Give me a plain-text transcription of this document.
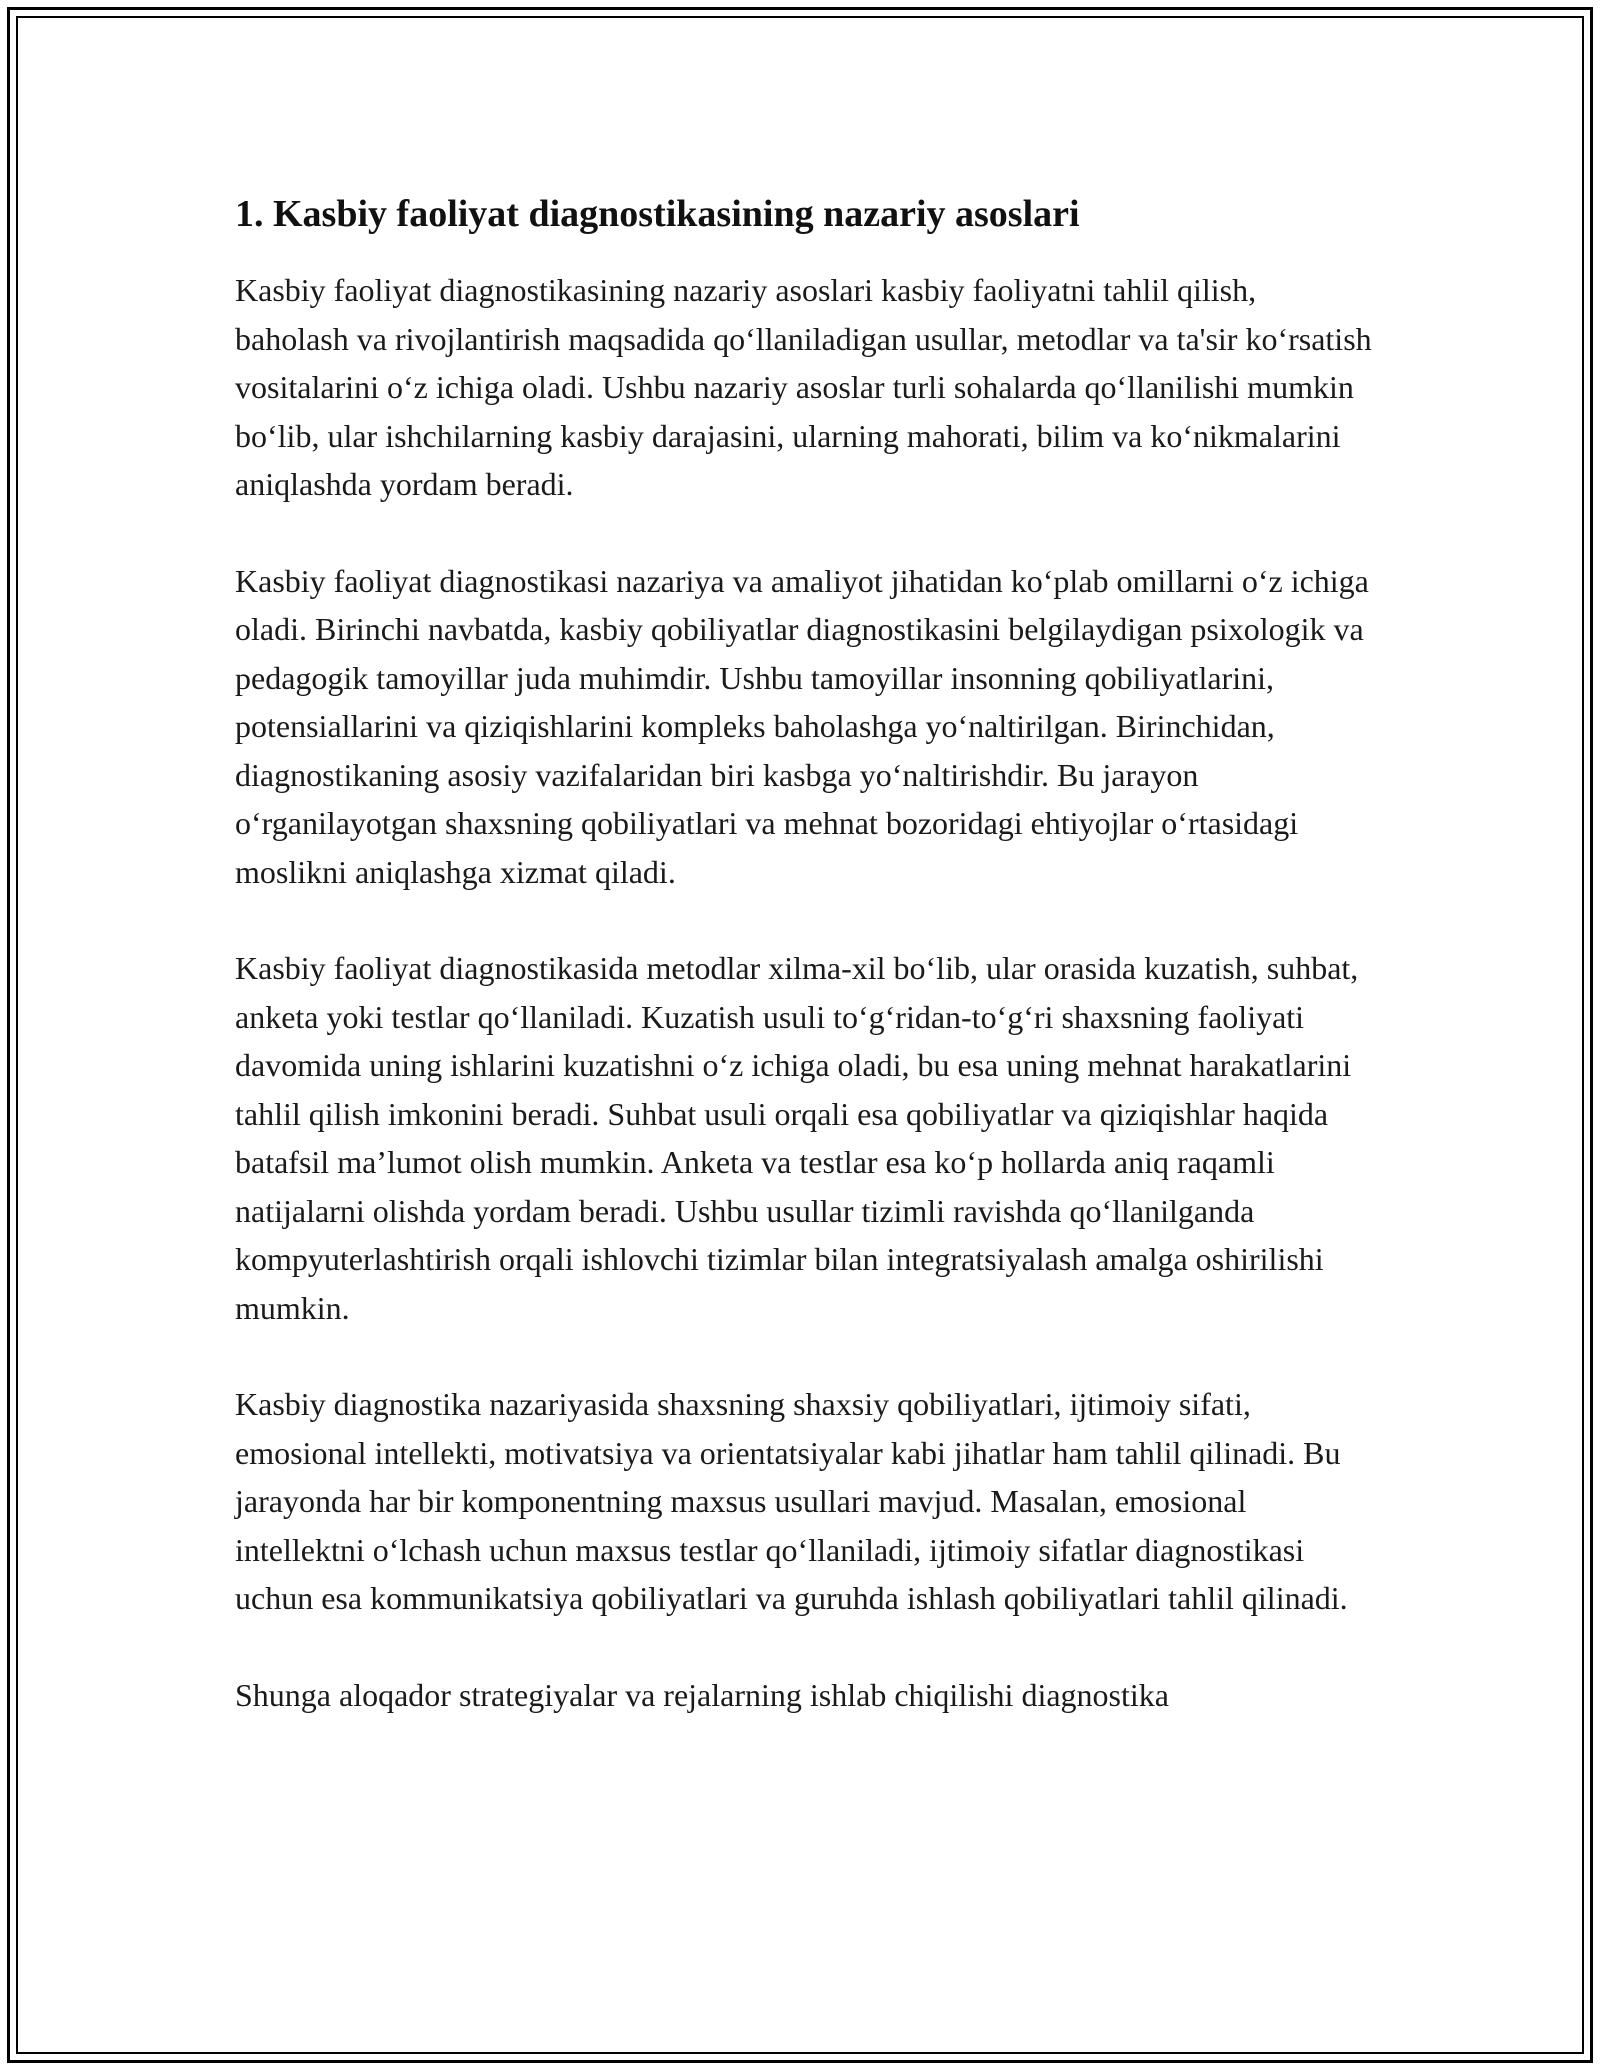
1. Kasbiy faoliyat diagnostikasining nazariy asoslari

Kasbiy faoliyat diagnostikasining nazariy asoslari kasbiy faoliyatni tahlil qilish, baholash va rivojlantirish maqsadida qo‘llaniladigan usullar, metodlar va ta'sir ko‘rsatish vositalarini o‘z ichiga oladi. Ushbu nazariy asoslar turli sohalarda qo‘llanilishi mumkin bo‘lib, ular ishchilarning kasbiy darajasini, ularning mahorati, bilim va ko‘nikmalarini aniqlashda yordam beradi.

Kasbiy faoliyat diagnostikasi nazariya va amaliyot jihatidan ko‘plab omillarni o‘z ichiga oladi. Birinchi navbatda, kasbiy qobiliyatlar diagnostikasini belgilaydigan psixologik va pedagogik tamoyillar juda muhimdir. Ushbu tamoyillar insonning qobiliyatlarini, potensiallarini va qiziqishlarini kompleks baholashga yo‘naltirilgan. Birinchidan, diagnostikaning asosiy vazifalaridan biri kasbga yo‘naltirishdir. Bu jarayon o‘rganilayotgan shaxsning qobiliyatlari va mehnat bozoridagi ehtiyojlar o‘rtasidagi moslikni aniqlashga xizmat qiladi.

Kasbiy faoliyat diagnostikasida metodlar xilma-xil bo‘lib, ular orasida kuzatish, suhbat, anketa yoki testlar qo‘llaniladi. Kuzatish usuli to‘g‘ridan-to‘g‘ri shaxsning faoliyati davomida uning ishlarini kuzatishni o‘z ichiga oladi, bu esa uning mehnat harakatlarini tahlil qilish imkonini beradi. Suhbat usuli orqali esa qobiliyatlar va qiziqishlar haqida batafsil ma’lumot olish mumkin. Anketa va testlar esa ko‘p hollarda aniq raqamli natijalarni olishda yordam beradi. Ushbu usullar tizimli ravishda qo‘llanilganda kompyuterlashtirish orqali ishlovchi tizimlar bilan integratsiyalash amalga oshirilishi mumkin.

Kasbiy diagnostika nazariyasida shaxsning shaxsiy qobiliyatlari, ijtimoiy sifati, emosional intellekti, motivatsiya va orientatsiyalar kabi jihatlar ham tahlil qilinadi. Bu jarayonda har bir komponentning maxsus usullari mavjud. Masalan, emosional intellektni o‘lchash uchun maxsus testlar qo‘llaniladi, ijtimoiy sifatlar diagnostikasi uchun esa kommunikatsiya qobiliyatlari va guruhda ishlash qobiliyatlari tahlil qilinadi.

Shunga aloqador strategiyalar va rejalarning ishlab chiqilishi diagnostika
